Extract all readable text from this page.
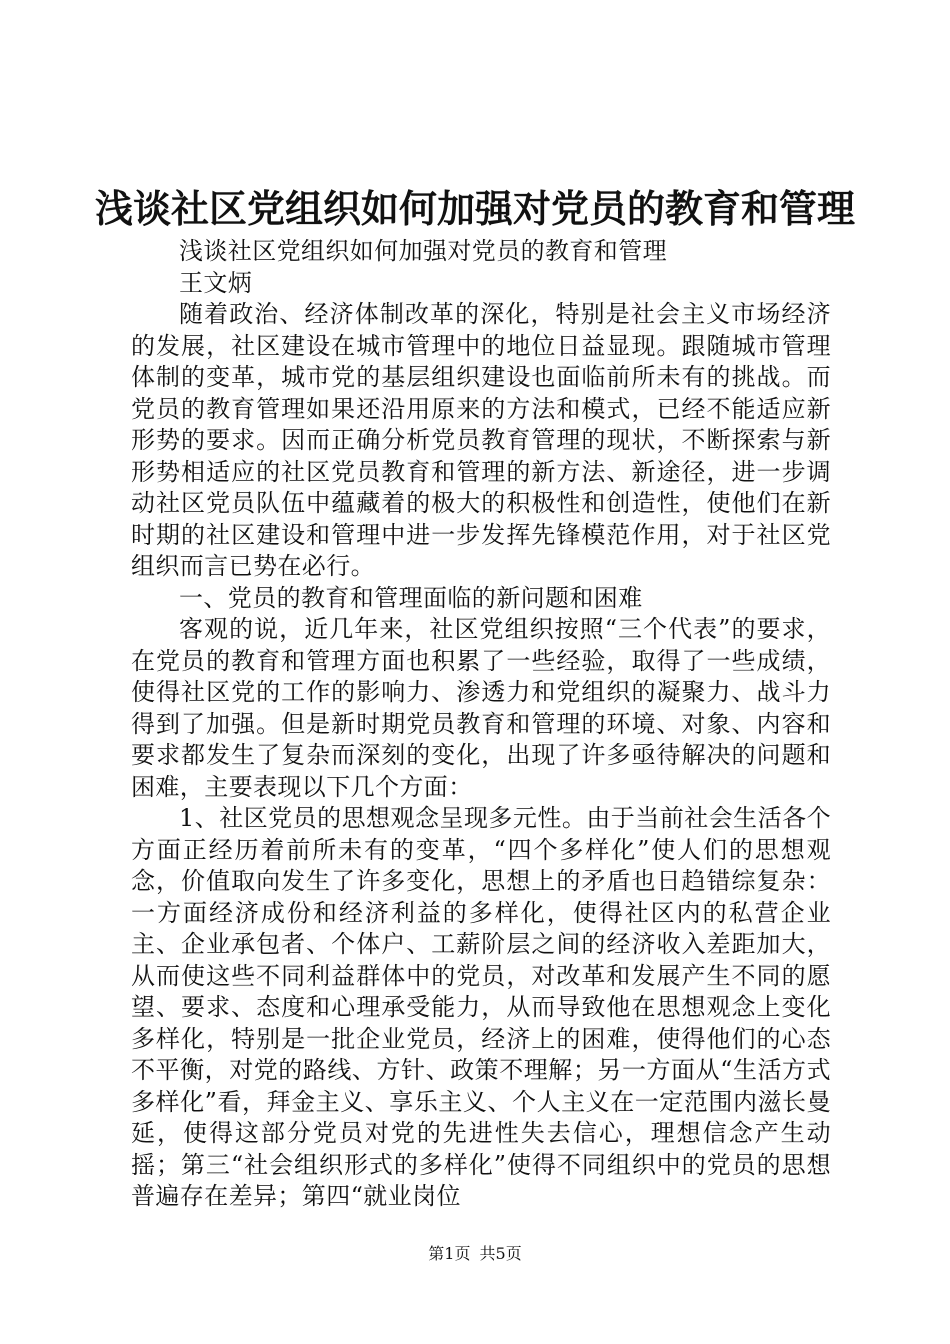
浅谈社区党组织如何加强对党员的教育和管理

浅谈社区党组织如何加强对党员的教育和管理

王文炳

随着政治、经济体制改革的深化，特别是社会主义市场经济的发展，社区建设在城市管理中的地位日益显现。跟随城市管理体制的变革，城市党的基层组织建设也面临前所未有的挑战。而党员的教育管理如果还沿用原来的方法和模式，已经不能适应新形势的要求。因而正确分析党员教育管理的现状，不断探索与新形势相适应的社区党员教育和管理的新方法、新途径，进一步调动社区党员队伍中蕴藏着的极大的积极性和创造性，使他们在新时期的社区建设和管理中进一步发挥先锋模范作用，对于社区党组织而言已势在必行。

一、党员的教育和管理面临的新问题和困难

客观的说，近几年来，社区党组织按照“三个代表”的要求，在党员的教育和管理方面也积累了一些经验，取得了一些成绩，使得社区党的工作的影响力、渗透力和党组织的凝聚力、战斗力得到了加强。但是新时期党员教育和管理的环境、对象、内容和要求都发生了复杂而深刻的变化，出现了许多亟待解决的问题和困难，主要表现以下几个方面：

1、社区党员的思想观念呈现多元性。由于当前社会生活各个方面正经历着前所未有的变革，“四个多样化”使人们的思想观念，价值取向发生了许多变化，思想上的矛盾也日趋错综复杂：一方面经济成份和经济利益的多样化，使得社区内的私营企业主、企业承包者、个体户、工薪阶层之间的经济收入差距加大，从而使这些不同利益群体中的党员，对改革和发展产生不同的愿望、要求、态度和心理承受能力，从而导致他在思想观念上变化多样化，特别是一批企业党员，经济上的困难，使得他们的心态不平衡，对党的路线、方针、政策不理解；另一方面从“生活方式多样化”看，拜金主义、享乐主义、个人主义在一定范围内滋长曼延，使得这部分党员对党的先进性失去信心，理想信念产生动摇；第三“社会组织形式的多样化”使得不同组织中的党员的思想普遍存在差异；第四“就业岗位

第1页 共5页
